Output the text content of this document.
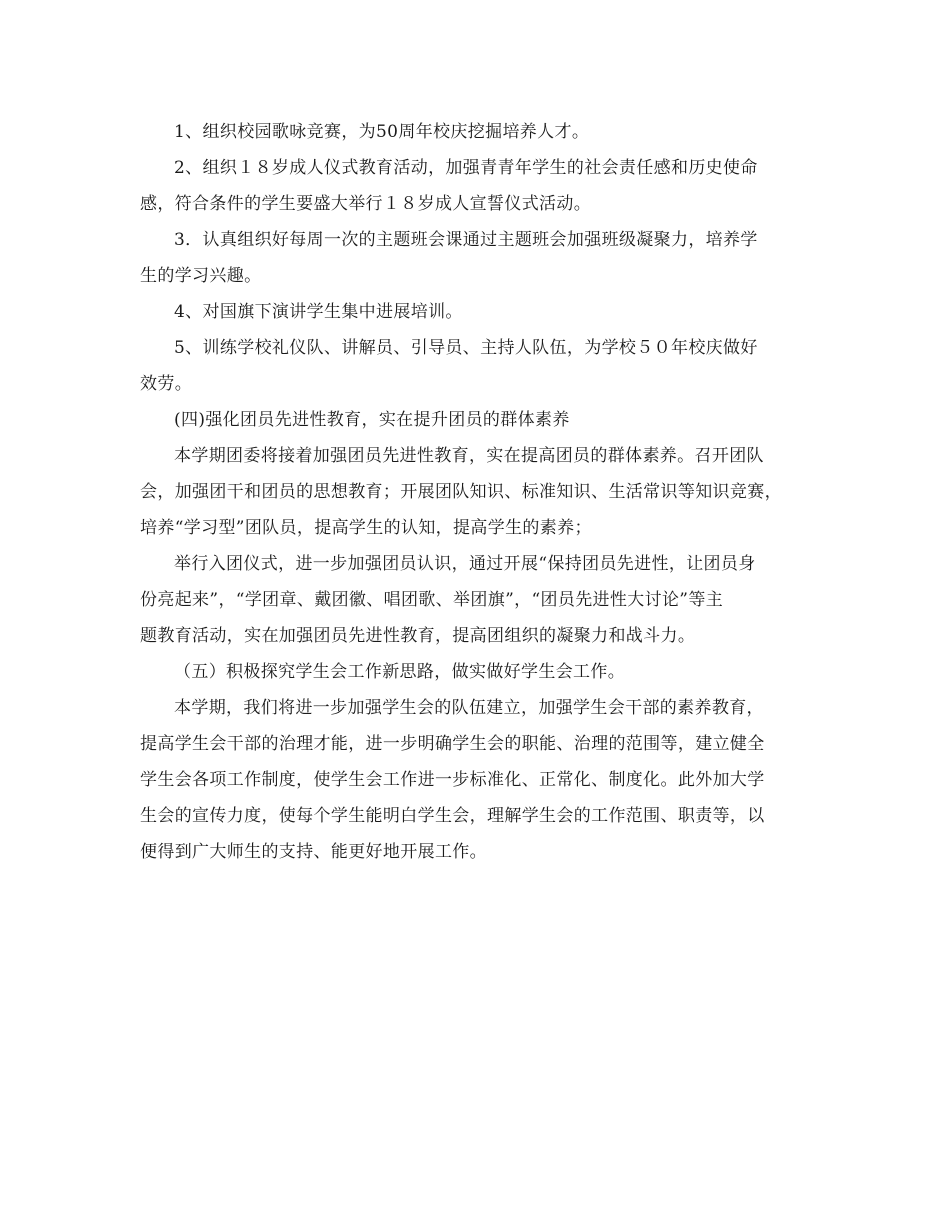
1、组织校园歌咏竞赛，为50周年校庆挖掘培养人才。

2、组织１８岁成人仪式教育活动，加强青青年学生的社会责任感和历史使命
感，符合条件的学生要盛大举行１８岁成人宣誓仪式活动。

3．认真组织好每周一次的主题班会课通过主题班会加强班级凝聚力，培养学
生的学习兴趣。

4、对国旗下演讲学生集中进展培训。

5、训练学校礼仪队、讲解员、引导员、主持人队伍，为学校５０年校庆做好
效劳。

(四)强化团员先进性教育，实在提升团员的群体素养

本学期团委将接着加强团员先进性教育，实在提高团员的群体素养。召开团队
会，加强团干和团员的思想教育；开展团队知识、标准知识、生活常识等知识竞赛，
培养“学习型”团队员，提高学生的认知，提高学生的素养；

举行入团仪式，进一步加强团员认识，通过开展“保持团员先进性，让团员身
份亮起来”，“学团章、戴团徽、唱团歌、举团旗”，“团员先进性大讨论”等主
题教育活动，实在加强团员先进性教育，提高团组织的凝聚力和战斗力。

（五）积极探究学生会工作新思路，做实做好学生会工作。

本学期，我们将进一步加强学生会的队伍建立，加强学生会干部的素养教育，
提高学生会干部的治理才能，进一步明确学生会的职能、治理的范围等，建立健全
学生会各项工作制度，使学生会工作进一步标准化、正常化、制度化。此外加大学
生会的宣传力度，使每个学生能明白学生会，理解学生会的工作范围、职责等，以
便得到广大师生的支持、能更好地开展工作。
